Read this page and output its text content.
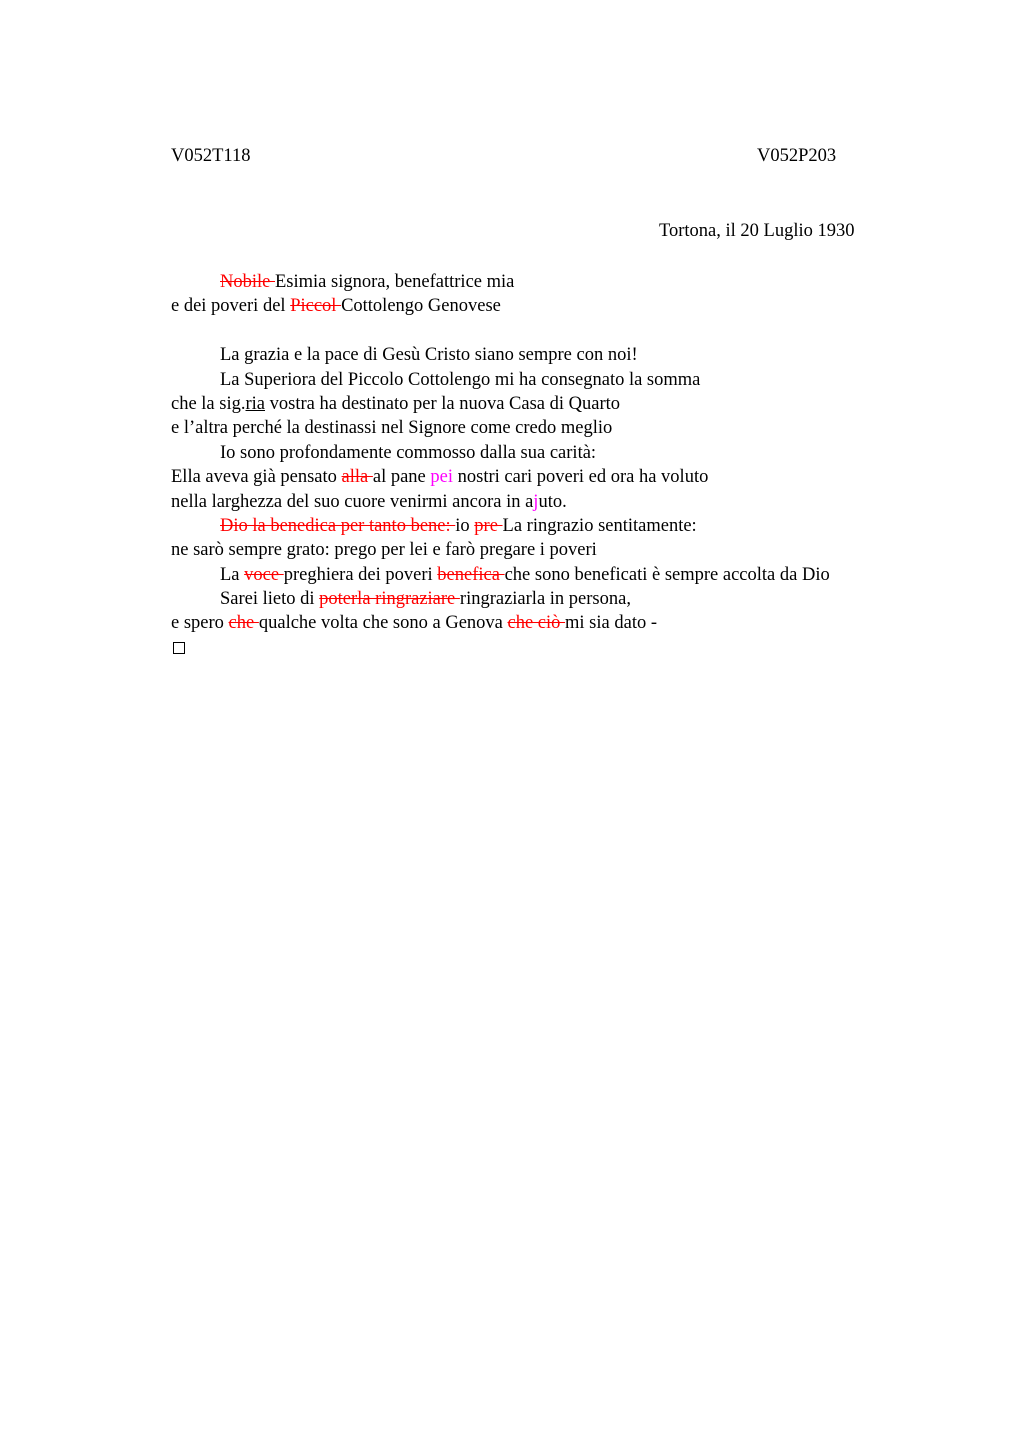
V052T118	V052P203
Tortona, il 20 Luglio 1930
Nobile Esimia signora, benefattrice mia
e dei poveri del Piccol Cottolengo Genovese
La grazia e la pace di Gesù Cristo siano sempre con noi!
La Superiora del Piccolo Cottolengo mi ha consegnato la somma
che la sig.ria vostra ha destinato per la nuova Casa di Quarto
e l’altra perché la destinassi nel Signore come credo meglio
Io sono profondamente commosso dalla sua carità:
Ella aveva già pensato alla al pane pei nostri cari poveri ed ora ha voluto
nella larghezza del suo cuore venirmi ancora in ajuto.
Dio la benedica per tanto bene: io pre La ringrazio sentitamente:
ne sarò sempre grato: prego per lei e farò pregare i poveri
La voce preghiera dei poveri benefica che sono beneficati è sempre accolta da Dio
Sarei lieto di poterla ringraziare ringraziarla in persona,
e spero che qualche volta che sono a Genova che ciò mi sia dato -
